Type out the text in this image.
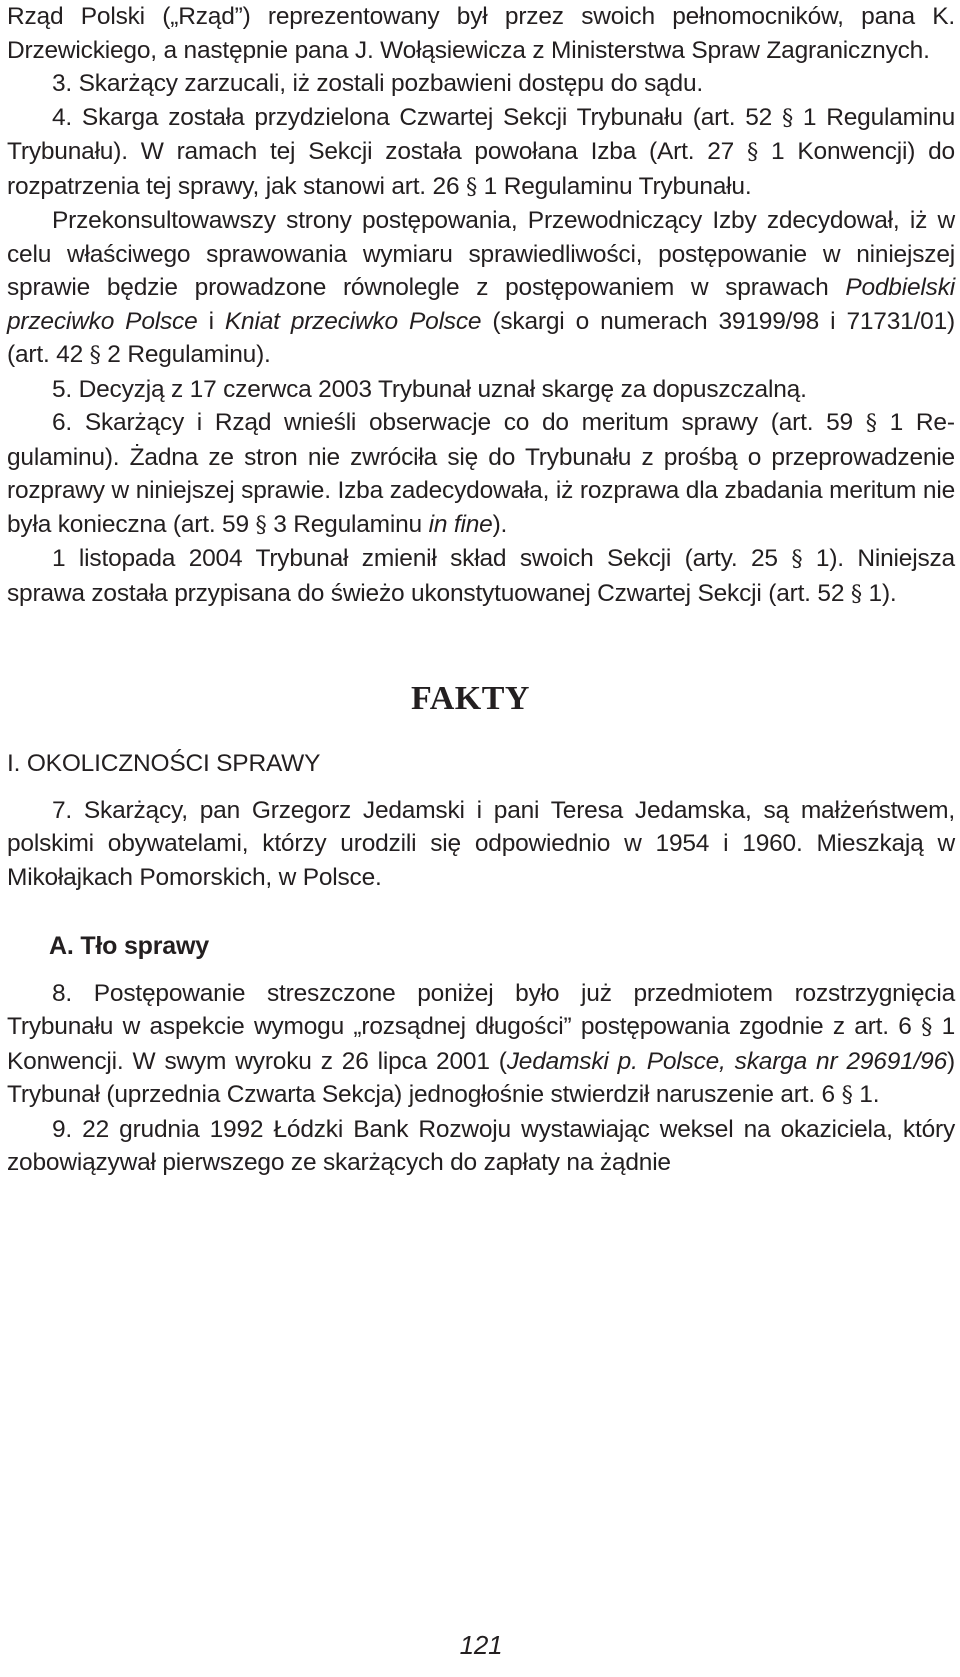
Rząd Polski („Rząd”) reprezentowany był przez swoich pełnomocników, pana K. Drzewickiego, a następnie pana J. Wołąsiewicza z Ministerstwa Spraw Zagranicznych.

3. Skarżący zarzucali, iż zostali pozbawieni dostępu do sądu.

4. Skarga została przydzielona Czwartej Sekcji Trybunału (art. 52 § 1 Regulaminu Trybunału). W ramach tej Sekcji została powołana Izba (Art. 27 § 1 Konwencji) do rozpatrzenia tej sprawy, jak stanowi art. 26 § 1 Regulaminu Trybunału.

Przekonsultowawszy strony postępowania, Przewodniczący Izby zdecydował, iż w celu właściwego sprawowania wymiaru sprawiedliwości, postępowanie w niniejszej sprawie będzie prowadzone równolegle z postępowaniem w sprawach Podbielski przeciwko Polsce i Kniat przeciwko Polsce (skargi o numerach 39199/98 i 71731/01) (art. 42 § 2 Regulaminu).

5. Decyzją z 17 czerwca 2003 Trybunał uznał skargę za dopuszczalną.

6. Skarżący i Rząd wnieśli obserwacje co do meritum sprawy (art. 59 § 1 Regulaminu). Żadna ze stron nie zwróciła się do Trybunału z prośbą o przeprowadzenie rozprawy w niniejszej sprawie. Izba zadecydowała, iż rozprawa dla zbadania meritum nie była konieczna (art. 59 § 3 Regulaminu in fine).

1 listopada 2004 Trybunał zmienił skład swoich Sekcji (arty. 25 § 1). Niniejsza sprawa została przypisana do świeżo ukonstytuowanej Czwartej Sekcji (art. 52 § 1).

FAKTY
I. OKOLICZNOŚCI SPRAWY

7. Skarżący, pan Grzegorz Jedamski i pani Teresa Jedamska, są małżeństwem, polskimi obywatelami, którzy urodzili się odpowiednio w 1954 i 1960. Mieszkają w Mikołajkach Pomorskich, w Polsce.

A. Tło sprawy

8. Postępowanie streszczone poniżej było już przedmiotem rozstrzygnięcia Trybunału w aspekcie wymogu „rozsądnej długości” postępowania zgodnie z art. 6 § 1 Konwencji. W swym wyroku z 26 lipca 2001 (Jedamski p. Polsce, skarga nr 29691/96) Trybunał (uprzednia Czwarta Sekcja) jednogłośnie stwierdził naruszenie art. 6 § 1.

9. 22 grudnia 1992 Łódzki Bank Rozwoju wystawiając weksel na okaziciela, który zobowiązywał pierwszego ze skarżących do zapłaty na żądnie

121
